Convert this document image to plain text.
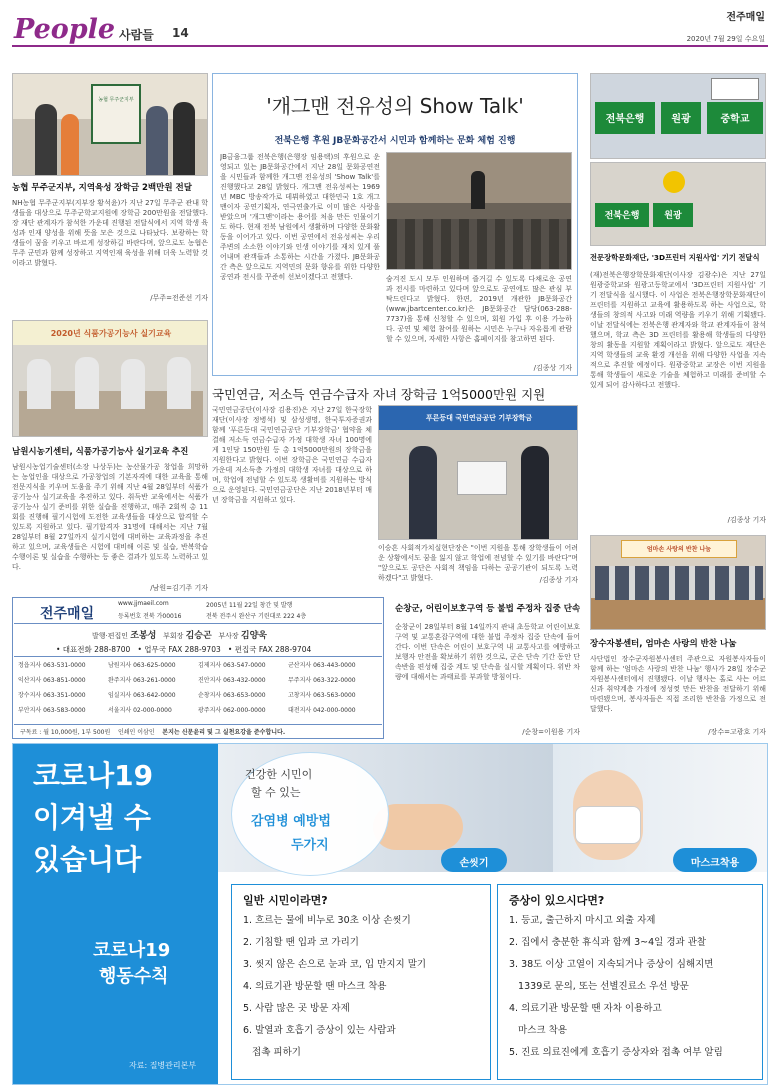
People 사람들 14
전주매일
2020년 7월 29일 수요일
농협 무주군지부
농협 무주군지부, 지역육성 장학금 2백만원 전달
NH농협 무주군지부(지부장 황석윤)가 지난 27일 무주군 관내 학생들을 대상으로 무주군학교지원에 장학금 200만원을 전달했다. 장 재단 관계자가 참석한 가운데 진행된 전달식에서 지역 학생 육성과 인재 양성을 위해 뜻을 모은 것으로 나타났다. 보광하는 학생들이 꿈을 키우고 바르게 성장하길 바란다며, 앞으로도 농협은 무주 군민과 함께 성장하고 지역인재 육성을 위해 더욱 노력할 것이라고 밝혔다.
/무주=전준선 기자
2020년 식품가공기능사 실기교육
남원시농기센터, 식품가공기능사 실기교육 추진
남원시농업기술센터(소장 나상두)는 농산물가공 창업을 희망하는 농업인을 대상으로 가공창업의 기본자격에 대한 교육을 통해 전문지식을 키우며 도움을 주기 위해 지난 4월 28일부터 식품가공기능사 실기교육을 추진하고 있다. 취득반 교육에서는 식품가공기능사 실기 준비를 위한 실습을 진행하고, 매주 2회씩 총 11회를 진행해 필기시험에 도전한 교육생들을 대상으로 합격할 수 있도록 지원하고 있다. 필기합격자 31명에 대해서는 지난 7월 28일부터 8월 27일까지 실기시험에 대비하는 교육과정을 추진하고 있으며, 교육생들은 시험에 대비해 이론 및 실습, 반복학습 수행이론 및 실습을 수행하는 등 좋은 결과가 있도록 노력하고 있다.
/남원=김기주 기자
'개그맨 전유성의 Show Talk'
전북은행 후원 JB문화공간서 시민과 함께하는 문화 체험 진행
JB금융그룹 전북은행(은행장 임용택)의 후원으로 운영되고 있는 JB문화공간에서 지난 28일 문화공연전을 시민들과 함께한 개그맨 전유성의 'Show Talk'를 진행했다고 28일 밝혔다. 개그맨 전유성씨는 1969년 MBC 방송작가로 데뷔하였고 대한민국 1호 개그맨이자 공연기획자, 연극연출가로 이미 많은 사랑을 받았으며 '개그맨'이라는 용어를 처음 만든 인물이기도 하다. 현재 전북 남원에서 생활하며 다양한 문화활동을 이어가고 있다. 이번 공연에서 전유성씨는 우리 주변의 소소한 이야기와 인생 이야기를 재치 있게 풀어내며 관객들과 소통하는 시간을 가졌다. JB문화공간 측은 앞으로도 지역민의 문화 향유를 위한 다양한 공연과 전시를 꾸준히 선보이겠다고 전했다.	숨겨진 도시 모두 인원하며 즐거길 수 있도록 다채로운 공연과 전시를 마련하고 있다며 앞으로도 공연에도 많은 관심 부탁드린다고 밝혔다. 한편, 2019년 개관한 JB문화공간(www.jbartcenter.co.kr)은 JB문화공간 담당(063-288-7737)을 통해 신청할 수 있으며, 회원 가입 후 이용 가능하다. 공연 및 체험 참여를 원하는 시민은 누구나 자유롭게 관람할 수 있으며, 자세한 사항은 홈페이지를 참고하면 된다.
/김종상 기자
국민연금, 저소득 연금수급자 자녀 장학금 1억5000만원 지원
국민연금공단(이사장 김용진)은 지난 27일 한국장학재단(이사장 정병석) 및 삼성생명, 한국투자증권과 함께 '푸른등대 국민연금공단 기부장학금' 협약을 체결해 저소득 연금수급자 가정 대학생 자녀 100명에게 1인당 150만원 등 총 1억5000만원의 장학금을 지원한다고 밝혔다. 이번 장학금은 국민연금 수급자 가운데 저소득층 가정의 대학생 자녀를 대상으로 하며, 학업에 전념할 수 있도록 생활비를 지원하는 방식으로 운영된다. 국민연금공단은 지난 2018년부터 매년 장학금을 지원하고 있다.
푸른등대 국민연금공단 기부장학금
이승흔 사회적가치실현단장은 "이번 지원을 통해 장학생들이 어려운 상황에서도 꿈을 잃지 않고 학업에 전념할 수 있기를 바란다"며 "앞으로도 공단은 사회적 책임을 다하는 공공기관이 되도록 노력하겠다"고 밝혔다.	/김종상 기자
전북은행	원광	중학교
전북은행	원광
전문장학문화재단, '3D프린터 지원사업' 기기 전달식
(재)전북은행장학문화재단(이사장 김광수)은 지난 27일 원광중학교와 원광고등학교에서 '3D프린터 지원사업' 기기 전달식을 실시했다. 이 사업은 전북은행장학문화재단이 프린터를 지원하고 교육에 활용하도록 하는 사업으로, 학생들의 창의적 사고와 미래 역량을 키우기 위해 기획됐다. 이날 전달식에는 전북은행 관계자와 학교 관계자들이 참석했으며, 학교 측은 3D 프린터를 활용해 학생들의 다양한 창의 활동을 지원할 계획이라고 밝혔다. 앞으로도 재단은 지역 학생들의 교육 환경 개선을 위해 다양한 사업을 지속적으로 추진할 예정이다. 원광중학교 교장은 이번 지원을 통해 학생들이 새로운 기술을 체험하고 미래를 준비할 수 있게 되어 감사하다고 전했다.
/김종상 기자
엄마손 사랑의 반찬 나눔
장수자봉센터, 엄마손 사랑의 반찬 나눔
사단법인 장수군자원봉사센터 주관으로 자원봉사자들이 함께 하는 '엄마손 사랑의 반찬 나눔' 행사가 28일 장수군 자원봉사센터에서 진행됐다. 이날 행사는 홀로 사는 어르신과 취약계층 가정에 정성껏 만든 반찬을 전달하기 위해 마련됐으며, 봉사자들은 직접 조리한 반찬을 가정으로 전달했다.
/장수=고광호 기자
전주매일
www.jjmaeil.com
등록번호 전북 가00016
2005년 11월 22일 창간 및 발행
전북 전주시 완산구 기린대로 222 4층
발행·편집인 조봉성 부회장 김승곤 부사장 김양욱
• 대표전화 288-8700 • 업무국 FAX 288-9703 • 편집국 FAX 288-9704
정읍지사 063-531-0000	남원지사 063-625-0000	김제지사 063-547-0000	군산지사 063-443-0000
익산지사 063-851-0000	완주지사 063-261-0000	진안지사 063-432-0000	무주지사 063-322-0000
장수지사 063-351-0000	임실지사 063-642-0000	순창지사 063-653-0000	고창지사 063-563-0000
부안지사 063-583-0000	서울지사 02-000-0000	광주지사 062-000-0000	대전지사 042-000-0000
구독료 : 월 10,000원, 1부 500원 인쇄인 이삼인 본지는 신문윤리 및 그 실천요강을 준수합니다.
순창군, 어린이보호구역 등 불법 주정차 집중 단속
순창군이 28일부터 8월 14일까지 관내 초등학교 어린이보호구역 및 교통혼잡구역에 대한 불법 주정차 집중 단속에 들어간다. 이번 단속은 어린이 보호구역 내 교통사고를 예방하고 보행자 안전을 확보하기 위한 것으로, 군은 단속 기간 동안 단속반을 편성해 집중 계도 및 단속을 실시할 계획이다. 위반 차량에 대해서는 과태료를 부과할 방침이다.
/순창=이원용 기자
코로나19
이겨낼 수
있습니다
코로나19
행동수칙
자료: 질병관리본부
건강한 시민이
할 수 있는
감염병 예방법
두가지
손씻기	마스크착용
일반 시민이라면?
1. 흐르는 물에 비누로 30초 이상 손씻기
2. 기침할 땐 입과 코 가리기
3. 씻지 않은 손으로 눈과 코, 입 만지지 말기
4. 의료기관 방문할 땐 마스크 착용
5. 사람 많은 곳 방문 자제
6. 발열과 호흡기 증상이 있는 사람과
접촉 피하기
증상이 있으시다면?
1. 등교, 출근하지 마시고 외출 자제
2. 집에서 충분한 휴식과 함께 3~4일 경과 관찰
3. 38도 이상 고열이 지속되거나 증상이 심해지면
1339로 문의, 또는 선별진료소 우선 방문
4. 의료기관 방문할 땐 자차 이용하고
마스크 착용
5. 진료 의료진에게 호흡기 증상자와 접촉 여부 알림
